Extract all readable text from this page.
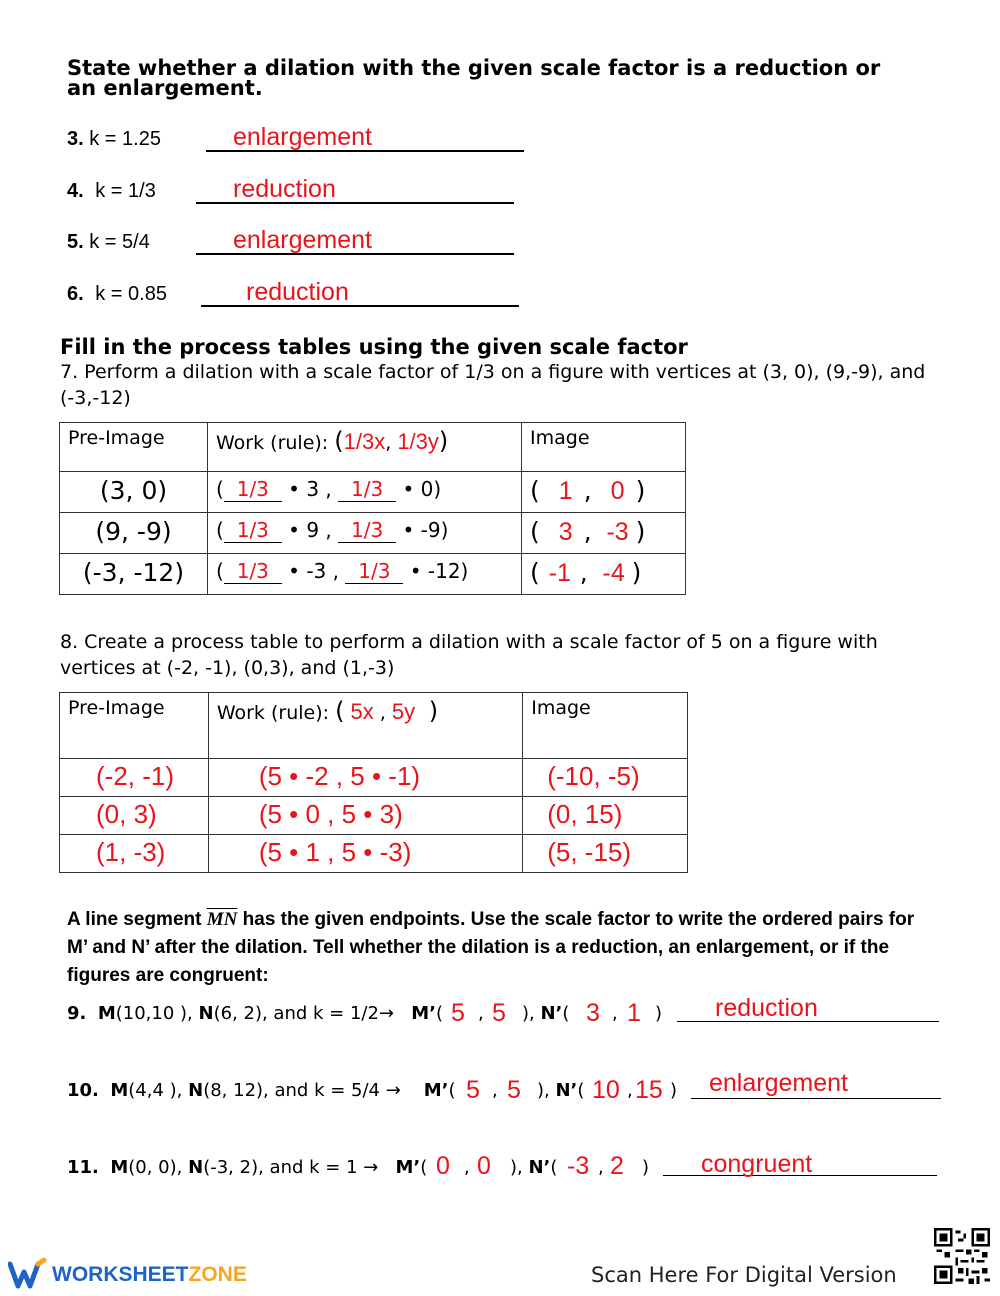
State whether a dilation with the given scale factor is a reduction or an enlargement.
3. k = 1.25	enlargement
4. k = 1/3	reduction
5. k = 5/4	enlargement
6. k = 0.85	reduction
Fill in the process tables using the given scale factor
7. Perform a dilation with a scale factor of 1/3 on a figure with vertices at (3, 0), (9,-9), and (-3,-12)
Pre-Image	Work (rule): (1/3x, 1/3y)	Image

(3, 0)	( 1/3 • 3 , 1/3 • 0)	( 1 , 0 )
(9, -9)	( 1/3 • 9 , 1/3 • -9)	( 3 , -3 )
(-3, -12)	( 1/3 • -3 , 1/3 • -12)	( -1 , -4 )
8. Create a process table to perform a dilation with a scale factor of 5 on a figure with vertices at (-2, -1), (0,3), and (1,-3)
Pre-Image	Work (rule): ( 5x , 5y  )	Image

(-2, -1)	(5 • -2 , 5 • -1)	(-10, -5)
(0, 3)	(5 • 0 , 5 • 3)	(0, 15)
(1, -3)	(5 • 1 , 5 • -3)	(5, -15)
A line segment $\overline{MN}$ has the given endpoints. Use the scale factor to write the ordered pairs for M’ and N’ after the dilation. Tell whether the dilation is a reduction, an enlargement, or if the figures are congruent:
9. M(10,10 ), N(6, 2), and k = 1/2→ M’( 5 , 5 ), N’( 3 , 1 ) reduction
10. M(4,4 ), N(8, 12), and k = 5/4 → M’( 5 , 5 ), N’( 10 , 15 ) enlargement
11. M(0, 0), N(-3, 2), and k = 1 → M’( 0 , 0 ), N’( -3 , 2 ) congruent
WORKSHEETZONE	Scan Here For Digital Version
